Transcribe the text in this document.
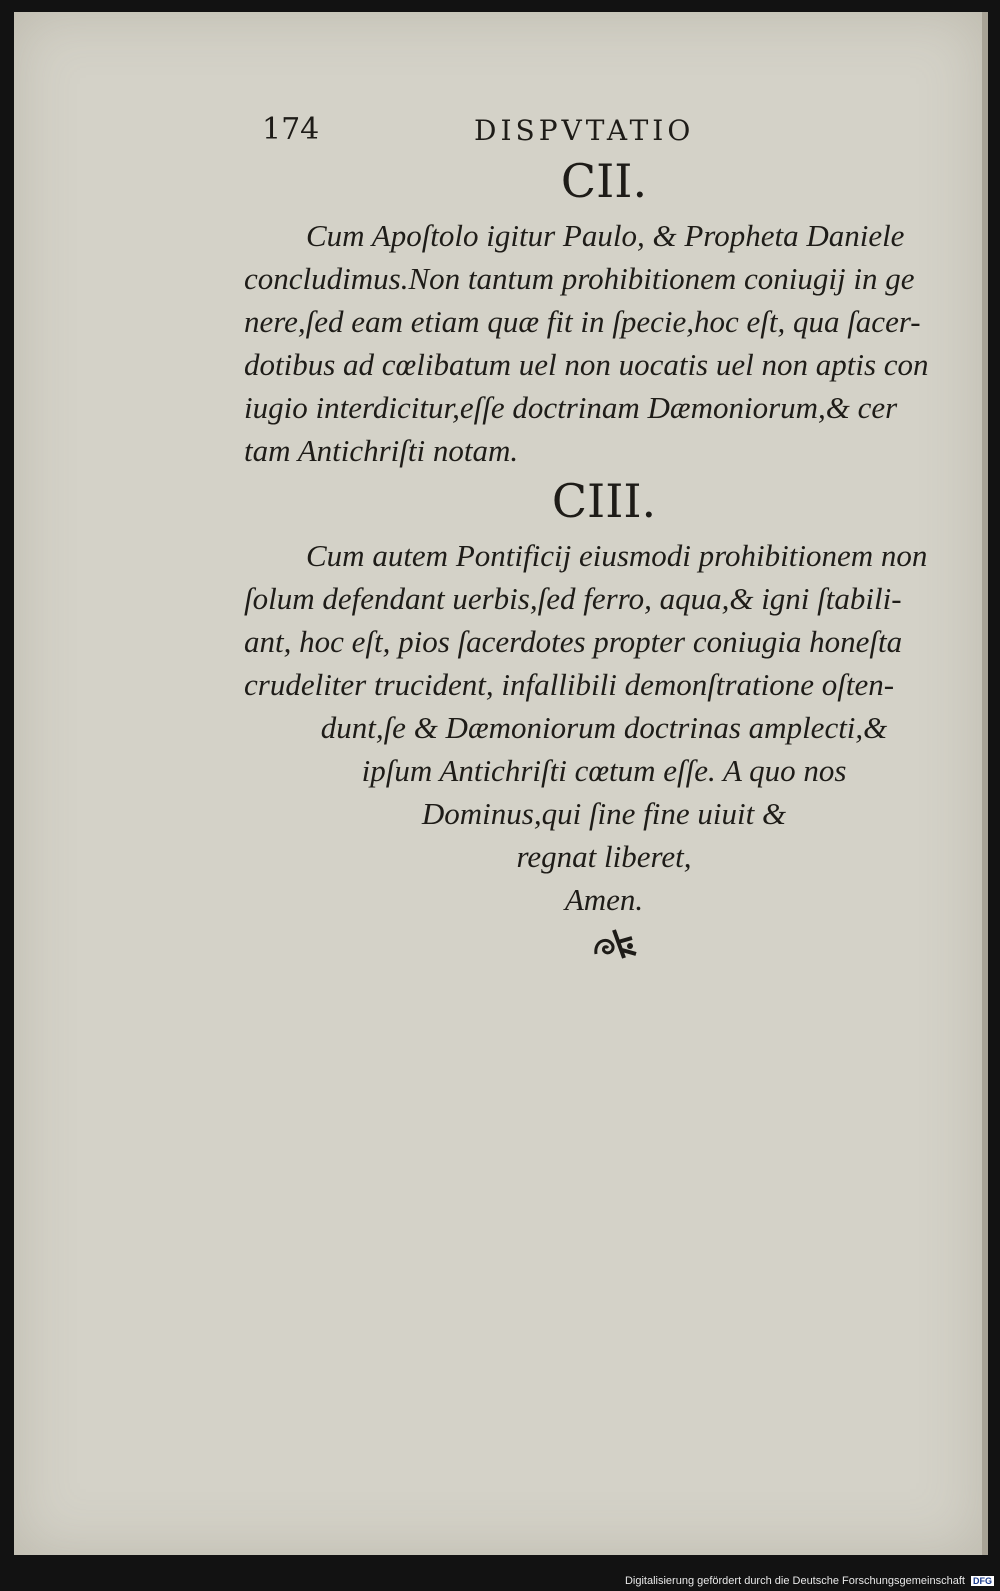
174	DISPVTATIO
CII.
Cum Apoſtolo igitur Paulo, & Propheta Daniele
concludimus.Non tantum prohibitionem coniugij in ge
nere,ſed eam etiam quæ fit in ſpecie,hoc eſt, qua ſacer-
dotibus ad cœlibatum uel non uocatis uel non aptis con
iugio interdicitur,eſſe doctrinam Dæmoniorum,& cer
tam Antichriſti notam.
CIII.
Cum autem Pontificij eiusmodi prohibitionem non
ſolum defendant uerbis,ſed ferro, aqua,& igni ſtabili-
ant, hoc eſt, pios ſacerdotes propter coniugia honeſta
crudeliter trucident, infallibili demonſtratione oſten-
dunt,ſe & Dæmoniorum doctrinas amplecti,&
ipſum Antichriſti cœtum eſſe. A quo nos
Dominus,qui ſine fine uiuit &
regnat liberet,
Amen.
Digitalisierung gefördert durch die Deutsche Forschungsgemeinschaft DFG
